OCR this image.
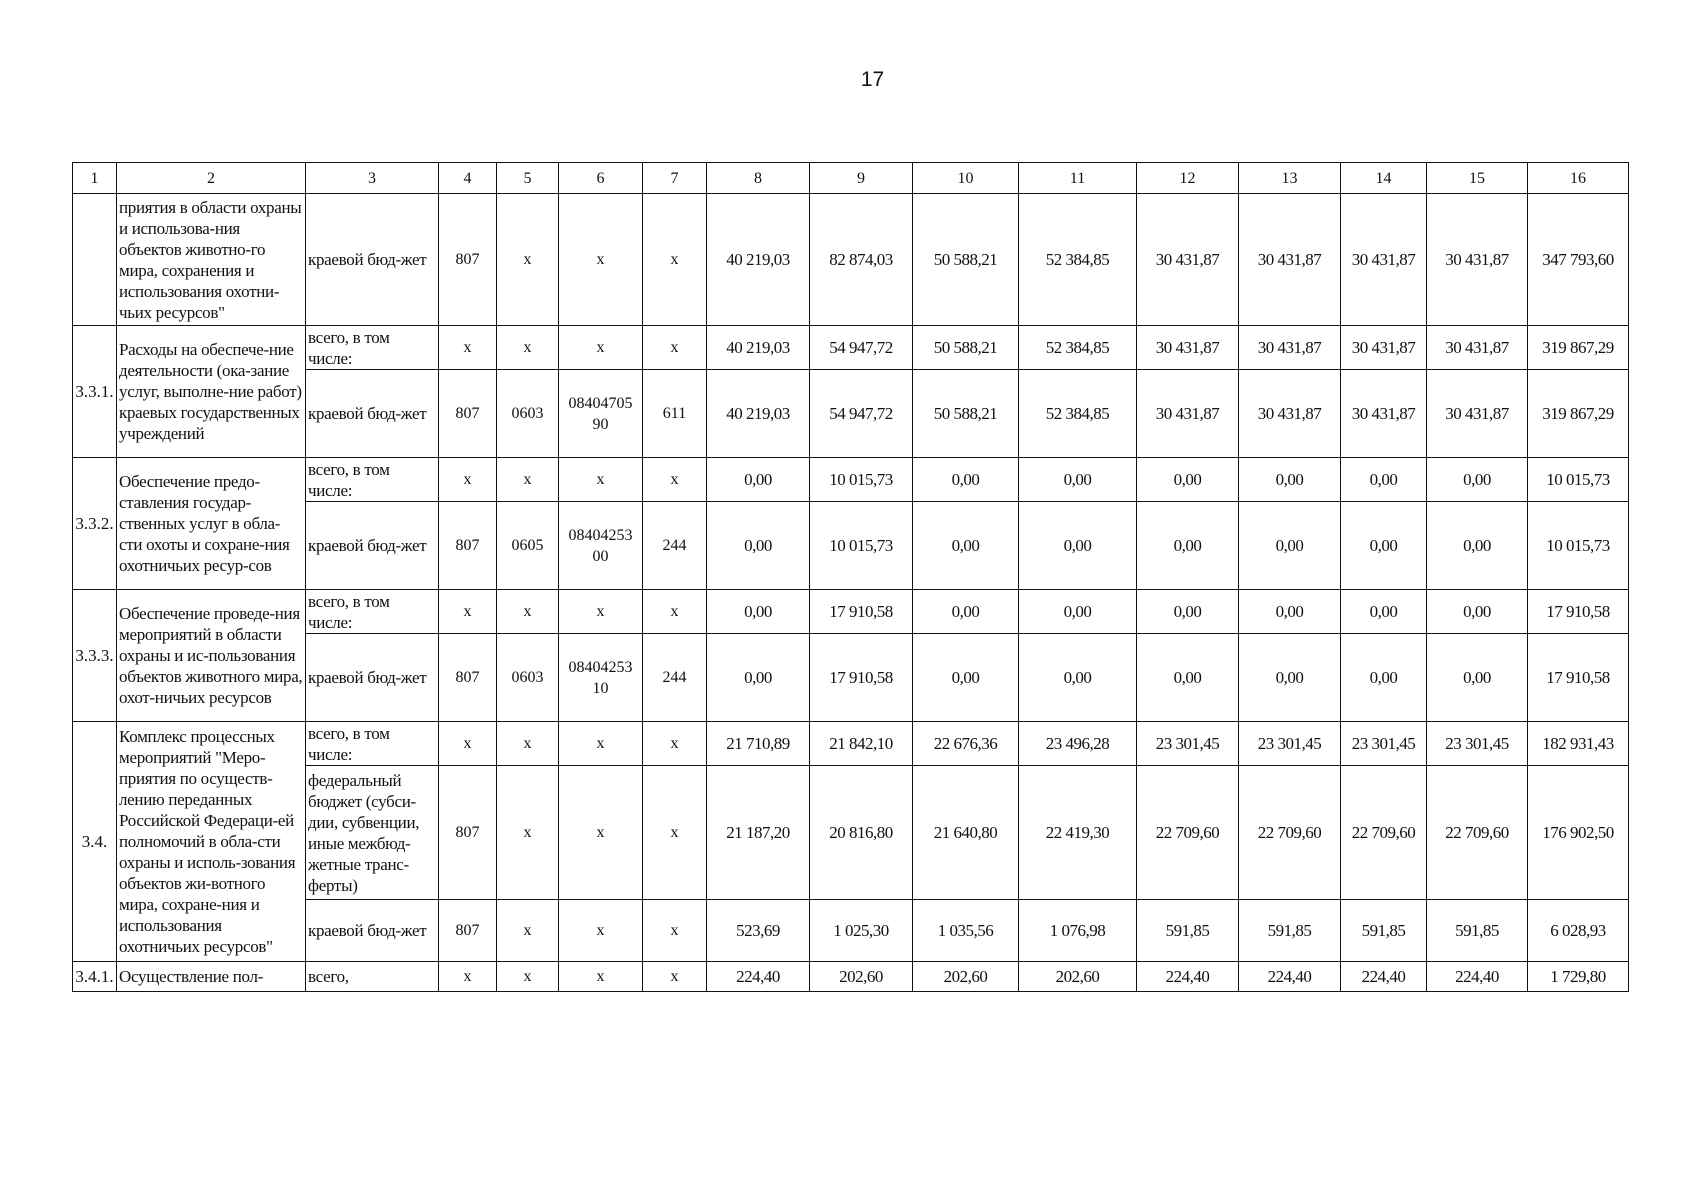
17
1	2	3	4	5	6	7	8	9	10	11	12	13	14	15	16
	приятия в области охраны и использова-ния объектов животно-го мира, сохранения и использования охотни-чьих ресурсов"	краевой бюд-жет	807	x	x	x	40 219,03	82 874,03	50 588,21	52 384,85	30 431,87	30 431,87	30 431,87	30 431,87	347 793,60
3.3.1.	Расходы на обеспече-ние деятельности (ока-зание услуг, выполне-ние работ) краевых государственных учреждений	всего, в том числе:	x	x	x	x	40 219,03	54 947,72	50 588,21	52 384,85	30 431,87	30 431,87	30 431,87	30 431,87	319 867,29
		краевой бюд-жет	807	0603	08404705 90	611	40 219,03	54 947,72	50 588,21	52 384,85	30 431,87	30 431,87	30 431,87	30 431,87	319 867,29
3.3.2.	Обеспечение предо-ставления государ-ственных услуг в обла-сти охоты и сохране-ния охотничьих ресур-сов	всего, в том числе:	x	x	x	x	0,00	10 015,73	0,00	0,00	0,00	0,00	0,00	0,00	10 015,73
		краевой бюд-жет	807	0605	08404253 00	244	0,00	10 015,73	0,00	0,00	0,00	0,00	0,00	0,00	10 015,73
3.3.3.	Обеспечение проведе-ния мероприятий в области охраны и ис-пользования объектов животного мира, охот-ничьих ресурсов	всего, в том числе:	x	x	x	x	0,00	17 910,58	0,00	0,00	0,00	0,00	0,00	0,00	17 910,58
		краевой бюд-жет	807	0603	08404253 10	244	0,00	17 910,58	0,00	0,00	0,00	0,00	0,00	0,00	17 910,58
3.4.	Комплекс процессных мероприятий "Меро-приятия по осуществ-лению переданных Российской Федераци-ей полномочий в обла-сти охраны и исполь-зования объектов жи-вотного мира, сохране-ния и использования охотничьих ресурсов"	всего, в том числе:	x	x	x	x	21 710,89	21 842,10	22 676,36	23 496,28	23 301,45	23 301,45	23 301,45	23 301,45	182 931,43
		федеральный бюджет (субси-дии, субвенции, иные межбюд-жетные транс-ферты)	807	x	x	x	21 187,20	20 816,80	21 640,80	22 419,30	22 709,60	22 709,60	22 709,60	22 709,60	176 902,50
		краевой бюд-жет	807	x	x	x	523,69	1 025,30	1 035,56	1 076,98	591,85	591,85	591,85	591,85	6 028,93
3.4.1.	Осуществление пол-	всего,	x	x	x	x	224,40	202,60	202,60	202,60	224,40	224,40	224,40	224,40	1 729,80
